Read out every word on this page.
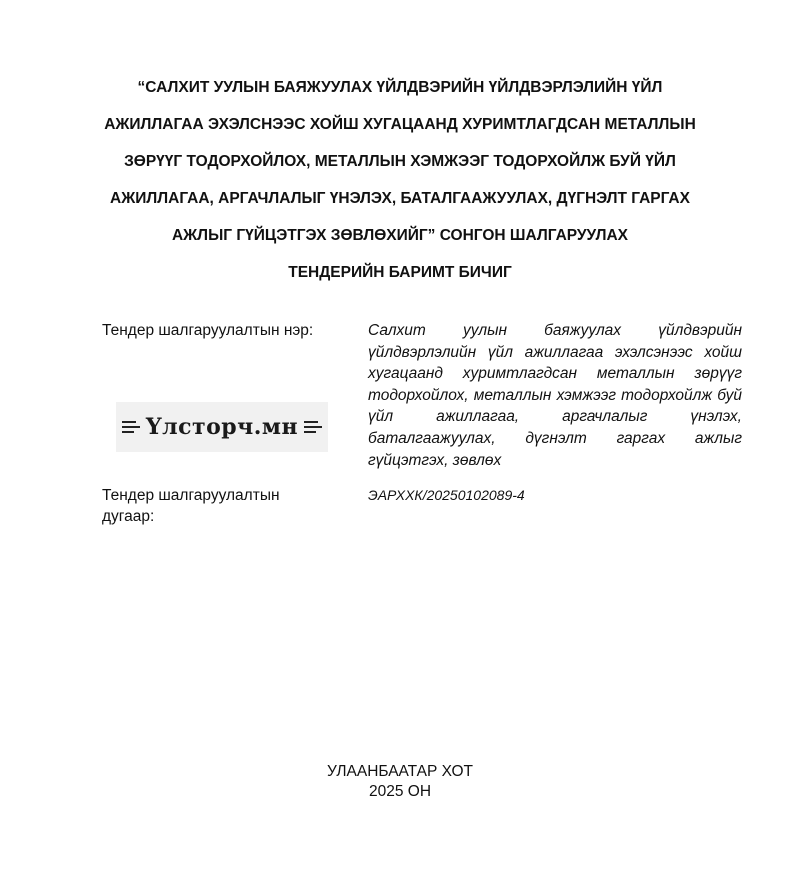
“САЛХИТ УУЛЫН БАЯЖУУЛАХ ҮЙЛДВЭРИЙН ҮЙЛДВЭРЛЭЛИЙН ҮЙЛ

АЖИЛЛАГАА ЭХЭЛСНЭЭС ХОЙШ ХУГАЦААНД ХУРИМТЛАГДСАН МЕТАЛЛЫН

ЗӨРҮҮГ ТОДОРХОЙЛОХ, МЕТАЛЛЫН ХЭМЖЭЭГ ТОДОРХОЙЛЖ БУЙ ҮЙЛ

АЖИЛЛАГАА, АРГАЧЛАЛЫГ ҮНЭЛЭХ, БАТАЛГААЖУУЛАХ, ДҮГНЭЛТ ГАРГАХ

АЖЛЫГ ГҮЙЦЭТГЭХ ЗӨВЛӨХИЙГ” СОНГОН ШАЛГАРУУЛАХ

ТЕНДЕРИЙН БАРИМТ БИЧИГ

Тендер шалгаруулалтын нэр:
Үлсторч.мн
Салхит уулын баяжуулах үйлдвэрийн үйлдвэрлэлийн үйл ажиллагаа эхэлсэнээс хойш хугацаанд хуримтлагдсан металлын зөрүүг тодорхойлох, металлын хэмжээг тодорхойлж буй үйл ажиллагаа, аргачлалыг үнэлэх, баталгаажуулах, дүгнэлт гаргах ажлыг гүйцэтгэх, зөвлөх
Тендер шалгаруулалтын дугаар:
ЭАРХХК/20250102089-4
УЛААНБААТАР ХОТ
2025 ОН
